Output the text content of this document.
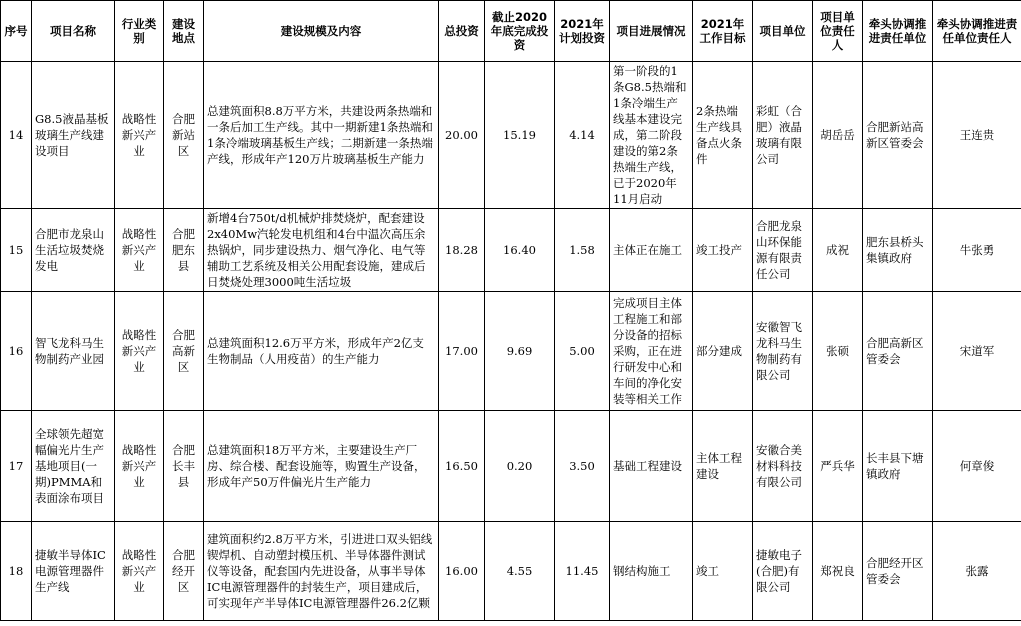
序号	项目名称	行业类别	建设地点	建设规模及内容	总投资	截止2020年底完成投资	2021年计划投资	项目进展情况	2021年工作目标	项目单位	项目单位责任人	牵头协调推进责任单位	牵头协调推进责任单位责任人
14	G8.5液晶基板玻璃生产线建设项目	战略性新兴产业	合肥新站区	总建筑面积8.8万平方米，共建设两条热端和一条后加工生产线。其中一期新建1条热端和1条冷端玻璃基板生产线；二期新建一条热端产线，形成年产120万片玻璃基板生产能力	20.00	15.19	4.14	第一阶段的1条G8.5热端和1条冷端生产线基本建设完成，第二阶段建设的第2条热端生产线，已于2020年11月启动	2条热端生产线具备点火条件	彩虹（合肥）液晶玻璃有限公司	胡岳岳	合肥新站高新区管委会	王连贵
15	合肥市龙泉山生活垃圾焚烧发电	战略性新兴产业	合肥肥东县	新增4台750t/d机械炉排焚烧炉，配套建设2x40Mw汽轮发电机组和4台中温次高压余热锅炉，同步建设热力、烟气净化、电气等辅助工艺系统及相关公用配套设施，建成后日焚烧处理3000吨生活垃圾	18.28	16.40	1.58	主体正在施工	竣工投产	合肥龙泉山环保能源有限责任公司	成祝	肥东县桥头集镇政府	牛张勇
16	智飞龙科马生物制药产业园	战略性新兴产业	合肥高新区	总建筑面积12.6万平方米，形成年产2亿支生物制品（人用疫苗）的生产能力	17.00	9.69	5.00	完成项目主体工程施工和部分设备的招标采购，正在进行研发中心和车间的净化安装等相关工作	部分建成	安徽智飞龙科马生物制药有限公司	张硕	合肥高新区管委会	宋道军
17	全球领先超宽幅偏光片生产基地项目(一期)PMMA和表面涂布项目	战略性新兴产业	合肥长丰县	总建筑面积18万平方米，主要建设生产厂房、综合楼、配套设施等，购置生产设备，形成年产50万件偏光片生产能力	16.50	0.20	3.50	基础工程建设	主体工程建设	安徽合美材料科技有限公司	严兵华	长丰县下塘镇政府	何章俊
18	捷敏半导体IC电源管理器件生产线	战略性新兴产业	合肥经开区	建筑面积约2.8万平方米，引进进口双头铝线锲焊机、自动塑封模压机、半导体器件测试仪等设备，配套国内先进设备，从事半导体IC电源管理器件的封装生产，项目建成后，可实现年产半导体IC电源管理器件26.2亿颗	16.00	4.55	11.45	钢结构施工	竣工	捷敏电子(合肥)有限公司	郑祝良	合肥经开区管委会	张露
